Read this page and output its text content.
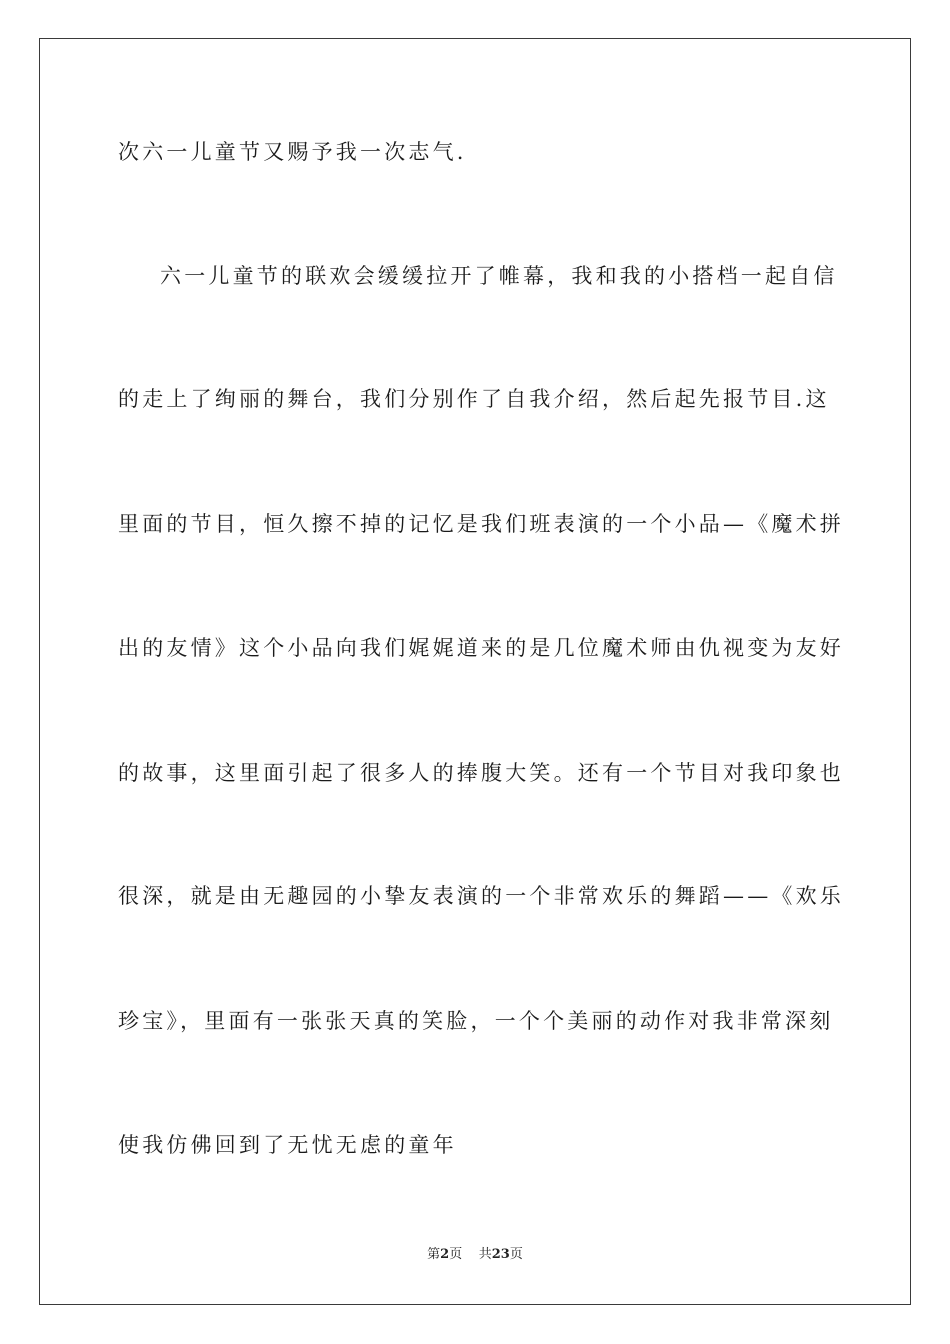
次六一儿童节又赐予我一次志气.
六一儿童节的联欢会缓缓拉开了帷幕，我和我的小搭档一起自信
的走上了绚丽的舞台，我们分别作了自我介绍，然后起先报节目.这
里面的节目，恒久擦不掉的记忆是我们班表演的一个小品—《魔术拼
出的友情》这个小品向我们娓娓道来的是几位魔术师由仇视变为友好
的故事，这里面引起了很多人的捧腹大笑。还有一个节目对我印象也
很深，就是由无趣园的小挚友表演的一个非常欢乐的舞蹈——《欢乐
珍宝》，里面有一张张天真的笑脸，一个个美丽的动作对我非常深刻
使我仿佛回到了无忧无虑的童年
第2页 共23页
